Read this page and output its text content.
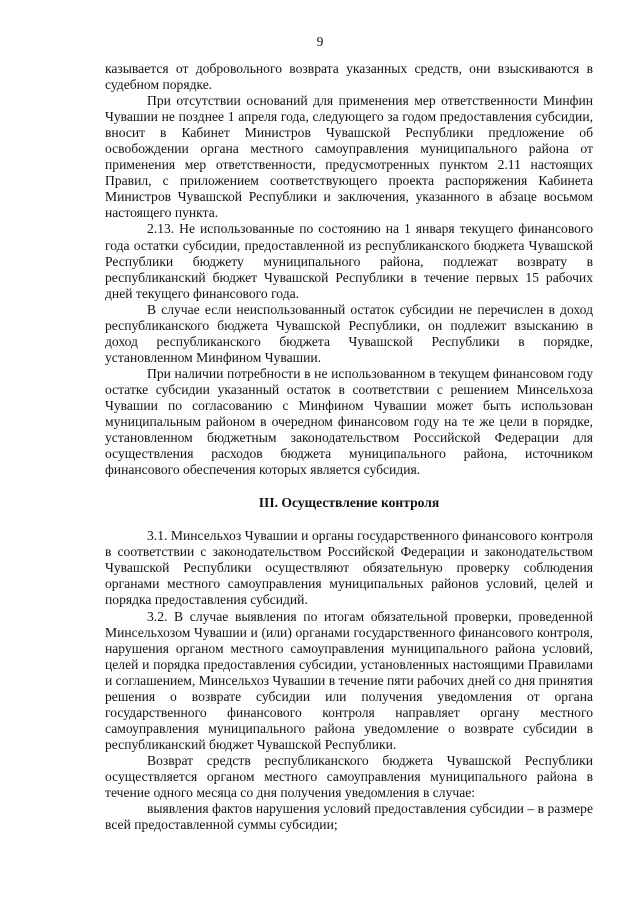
9

казывается от добровольного возврата указанных средств, они взыскиваются в судебном порядке.

При отсутствии оснований для применения мер ответственности Минфин Чувашии не позднее 1 апреля года, следующего за годом предоставления субсидии, вносит в Кабинет Министров Чувашской Республики предложение об освобождении органа местного самоуправления муниципального района от применения мер ответственности, предусмотренных пунктом 2.11 настоящих Правил, с приложением соответствующего проекта распоряжения Кабинета Министров Чувашской Республики и заключения, указанного в абзаце восьмом настоящего пункта.

2.13. Не использованные по состоянию на 1 января текущего финансового года остатки субсидии, предоставленной из республиканского бюджета Чувашской Республики бюджету муниципального района, подлежат возврату в республиканский бюджет Чувашской Республики в течение первых 15 рабочих дней текущего финансового года.

В случае если неиспользованный остаток субсидии не перечислен в доход республиканского бюджета Чувашской Республики, он подлежит взысканию в доход республиканского бюджета Чувашской Республики в порядке, установленном Минфином Чувашии.

При наличии потребности в не использованном в текущем финансовом году остатке субсидии указанный остаток в соответствии с решением Минсельхоза Чувашии по согласованию с Минфином Чувашии может быть использован муниципальным районом в очередном финансовом году на те же цели в порядке, установленном бюджетным законодательством Российской Федерации для осуществления расходов бюджета муниципального района, источником финансового обеспечения которых является субсидия.

III. Осуществление контроля

3.1. Минсельхоз Чувашии и органы государственного финансового контроля в соответствии с законодательством Российской Федерации и законодательством Чувашской Республики осуществляют обязательную проверку соблюдения органами местного самоуправления муниципальных районов условий, целей и порядка предоставления субсидий.

3.2. В случае выявления по итогам обязательной проверки, проведенной Минсельхозом Чувашии и (или) органами государственного финансового контроля, нарушения органом местного самоуправления муниципального района условий, целей и порядка предоставления субсидии, установленных настоящими Правилами и соглашением, Минсельхоз Чувашии в течение пяти рабочих дней со дня принятия решения о возврате субсидии или получения уведомления от органа государственного финансового контроля направляет органу местного самоуправления муниципального района уведомление о возврате субсидии в республиканский бюджет Чувашской Республики.

Возврат средств республиканского бюджета Чувашской Республики осуществляется органом местного самоуправления муниципального района в течение одного месяца со дня получения уведомления в случае:

выявления фактов нарушения условий предоставления субсидии – в размере всей предоставленной суммы субсидии;
